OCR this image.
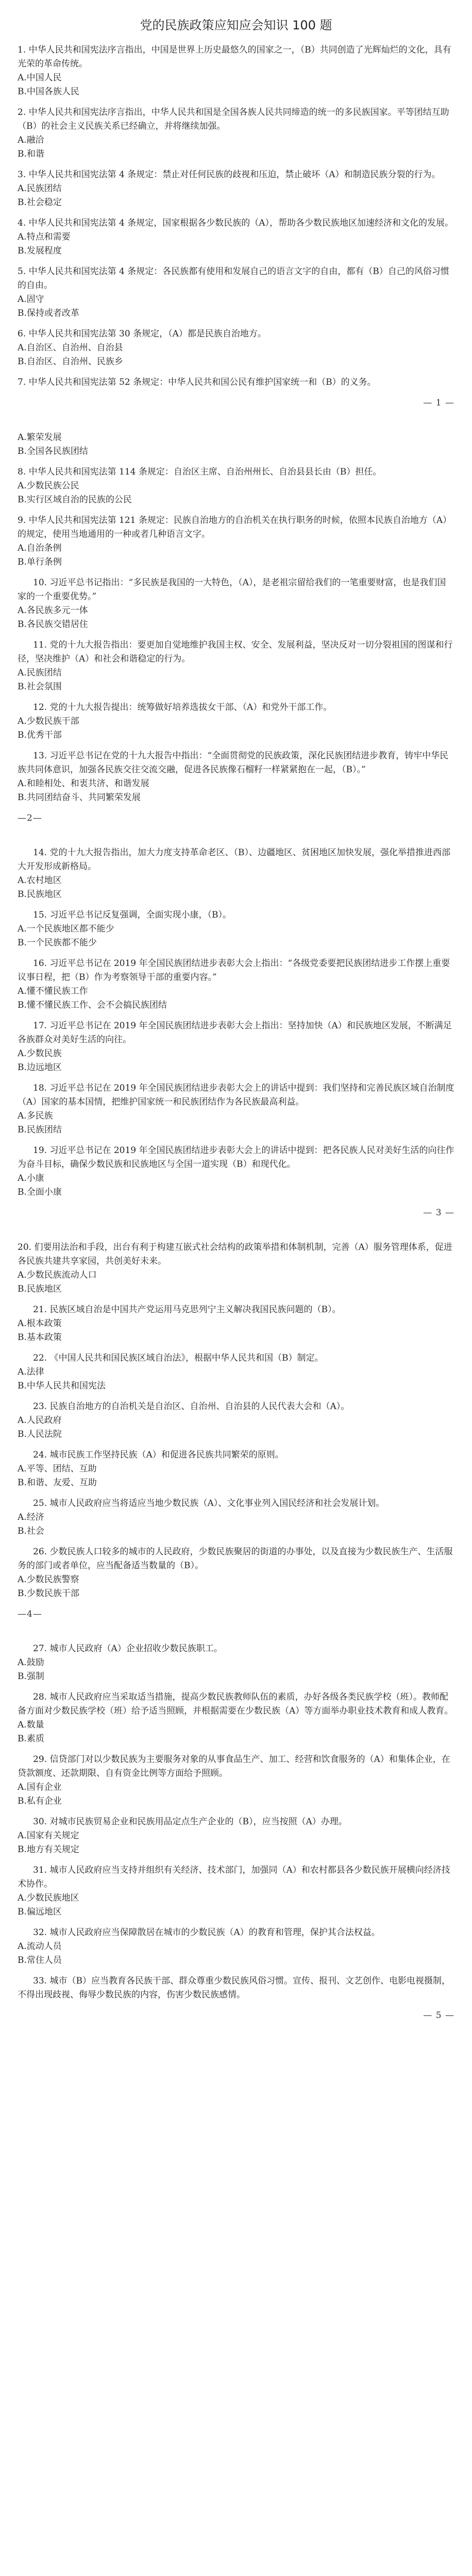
党的民族政策应知应会知识 100 题
1. 中华人民共和国宪法序言指出，中国是世界上历史最悠久的国家之一，（B）共同创造了光辉灿烂的文化，具有光荣的革命传统。
A.中国人民
B.中国各族人民
2. 中华人民共和国宪法序言指出，中华人民共和国是全国各族人民共同缔造的统一的多民族国家。平等团结互助（B）的社会主义民族关系已经确立，并将继续加强。
A.融洽
B.和谐
3. 中华人民共和国宪法第 4 条规定：禁止对任何民族的歧视和压迫，禁止破坏（A）和制造民族分裂的行为。
A.民族团结
B.社会稳定
4. 中华人民共和国宪法第 4 条规定，国家根据各少数民族的（A），帮助各少数民族地区加速经济和文化的发展。
A.特点和需要
B.发展程度
5. 中华人民共和国宪法第 4 条规定：各民族都有使用和发展自己的语言文字的自由，都有（B）自己的风俗习惯的自由。
A.固守
B.保持或者改革
6. 中华人民共和国宪法第 30 条规定，（A）都是民族自治地方。
A.自治区、自治州、自治县
B.自治区、自治州、民族乡
7. 中华人民共和国宪法第 52 条规定：中华人民共和国公民有维护国家统一和（B）的义务。
— 1 —
A.繁荣发展
B.全国各民族团结
8. 中华人民共和国宪法第 114 条规定：自治区主席、自治州州长、自治县县长由（B）担任。
A.少数民族公民
B.实行区域自治的民族的公民
9. 中华人民共和国宪法第 121 条规定：民族自治地方的自治机关在执行职务的时候，依照本民族自治地方（A）的规定，使用当地通用的一种或者几种语言文字。
A.自治条例
B.单行条例
10. 习近平总书记指出：“多民族是我国的一大特色，（A），是老祖宗留给我们的一笔重要财富，也是我们国家的一个重要优势。”
A.各民族多元一体
B.各民族交错居住
11. 党的十九大报告指出：要更加自觉地维护我国主权、安全、发展利益，坚决反对一切分裂祖国的图谋和行径，坚决维护（A）和社会和谐稳定的行为。
A.民族团结
B.社会氛围
12. 党的十九大报告提出：统筹做好培养选拔女干部、（A）和党外干部工作。
A.少数民族干部
B.优秀干部
13. 习近平总书记在党的十九大报告中指出：“全面贯彻党的民族政策，深化民族团结进步教育，铸牢中华民族共同体意识，加强各民族交往交流交融，促进各民族像石榴籽一样紧紧抱在一起，（B）。”
A.和睦相处、和衷共济、和谐发展
B.共同团结奋斗、共同繁荣发展
—2—
14. 党的十九大报告指出，加大力度支持革命老区、（B）、边疆地区、贫困地区加快发展，强化举措推进西部大开发形成新格局。
A.农村地区
B.民族地区
15. 习近平总书记反复强调，全面实现小康，（B）。
A.一个民族地区都不能少
B.一个民族都不能少
16. 习近平总书记在 2019 年全国民族团结进步表彰大会上指出：“各级党委要把民族团结进步工作摆上重要议事日程，把（B）作为考察领导干部的重要内容。”
A.懂不懂民族工作
B.懂不懂民族工作、会不会搞民族团结
17. 习近平总书记在 2019 年全国民族团结进步表彰大会上指出：坚持加快（A）和民族地区发展，不断满足各族群众对美好生活的向往。
A.少数民族
B.边远地区
18. 习近平总书记在 2019 年全国民族团结进步表彰大会上的讲话中提到：我们坚持和完善民族区域自治制度（A）国家的基本国情，把维护国家统一和民族团结作为各民族最高利益。
A.多民族
B.民族团结
19. 习近平总书记在 2019 年全国民族团结进步表彰大会上的讲话中提到：把各民族人民对美好生活的向往作为奋斗目标，确保少数民族和民族地区与全国一道实现（B）和现代化。
A.小康
B.全面小康
— 3 —
20. 们要用法治和手段，出台有利于构建互嵌式社会结构的政策举措和体制机制，完善（A）服务管理体系，促进各民族共建共享家园，共创美好未来。
A.少数民族流动人口
B.民族地区
21. 民族区域自治是中国共产党运用马克思列宁主义解决我国民族问题的（B）。
A.根本政策
B.基本政策
22. 《中国人民共和国民族区域自治法》，根据中华人民共和国（B）制定。
A.法律
B.中华人民共和国宪法
23. 民族自治地方的自治机关是自治区、自治州、自治县的人民代表大会和（A）。
A.人民政府
B.人民法院
24. 城市民族工作坚持民族（A）和促进各民族共同繁荣的原则。
A.平等、团结、互助
B.和谐、友爱、互助
25. 城市人民政府应当将适应当地少数民族（A）、文化事业列入国民经济和社会发展计划。
A.经济
B.社会
26. 少数民族人口较多的城市的人民政府，少数民族聚居的街道的办事处，以及直接为少数民族生产、生活服务的部门或者单位，应当配备适当数量的（B）。
A.少数民族警察
B.少数民族干部
—4—
27. 城市人民政府（A）企业招收少数民族职工。
A.鼓励
B.强制
28. 城市人民政府应当采取适当措施，提高少数民族教师队伍的素质，办好各级各类民族学校（班）。教师配备方面对少数民族学校（班）给予适当照顾，并根据需要在少数民族（A）等方面举办职业技术教育和成人教育。
A.数量
B.素质
29. 信贷部门对以少数民族为主要服务对象的从事食品生产、加工、经营和饮食服务的（A）和集体企业，在贷款额度、还款期限、自有资金比例等方面给予照顾。
A.国有企业
B.私有企业
30. 对城市民族贸易企业和民族用品定点生产企业的（B），应当按照（A）办理。
A.国家有关规定
B.地方有关规定
31. 城市人民政府应当支持并组织有关经济、技术部门，加强同（A）和农村都县各少数民族开展横向经济技术协作。
A.少数民族地区
B.偏远地区
32. 城市人民政府应当保障散居在城市的少数民族（A）的教育和管理，保护其合法权益。
A.流动人员
B.常住人员
33. 城市（B）应当教育各民族干部、群众尊重少数民族风俗习惯。宣传、报刊、文艺创作、电影电视摄制，不得出现歧视、侮辱少数民族的内容，伤害少数民族感情。
— 5 —
